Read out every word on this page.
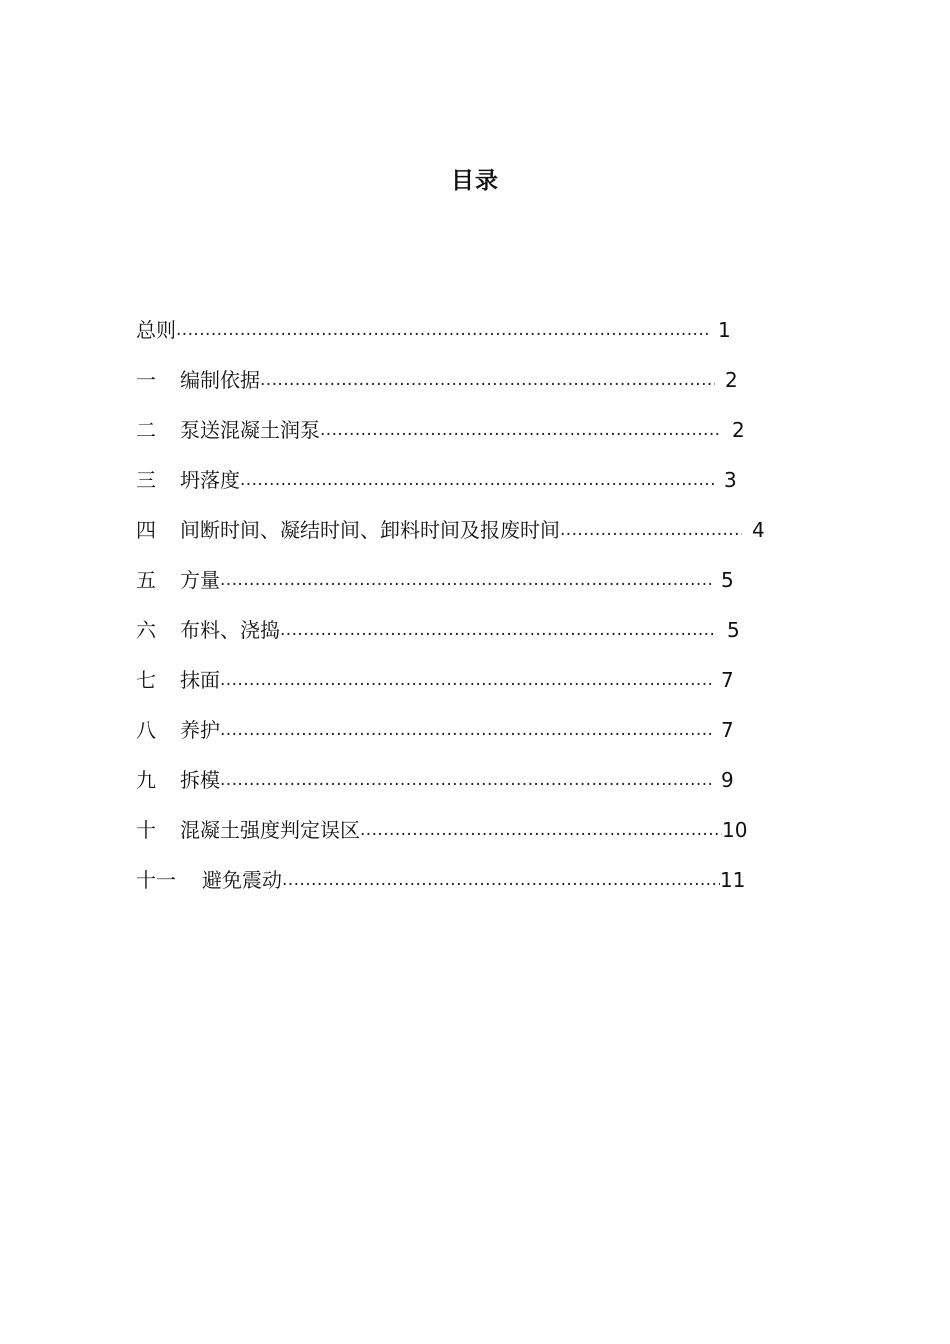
目录
总则 .....	1
一	编制依据 .....	2
二	泵送混凝土润泵 .....	2
三	坍落度 .....	3
四	间断时间、凝结时间、卸料时间及报废时间 .....	4
五	方量 .....	5
六	布料、浇捣 .....	5
七	抹面 .....	7
八	养护 .....	7
九	拆模 .....	9
十	混凝土强度判定误区 .....	10
十一	避免震动 .....	11
